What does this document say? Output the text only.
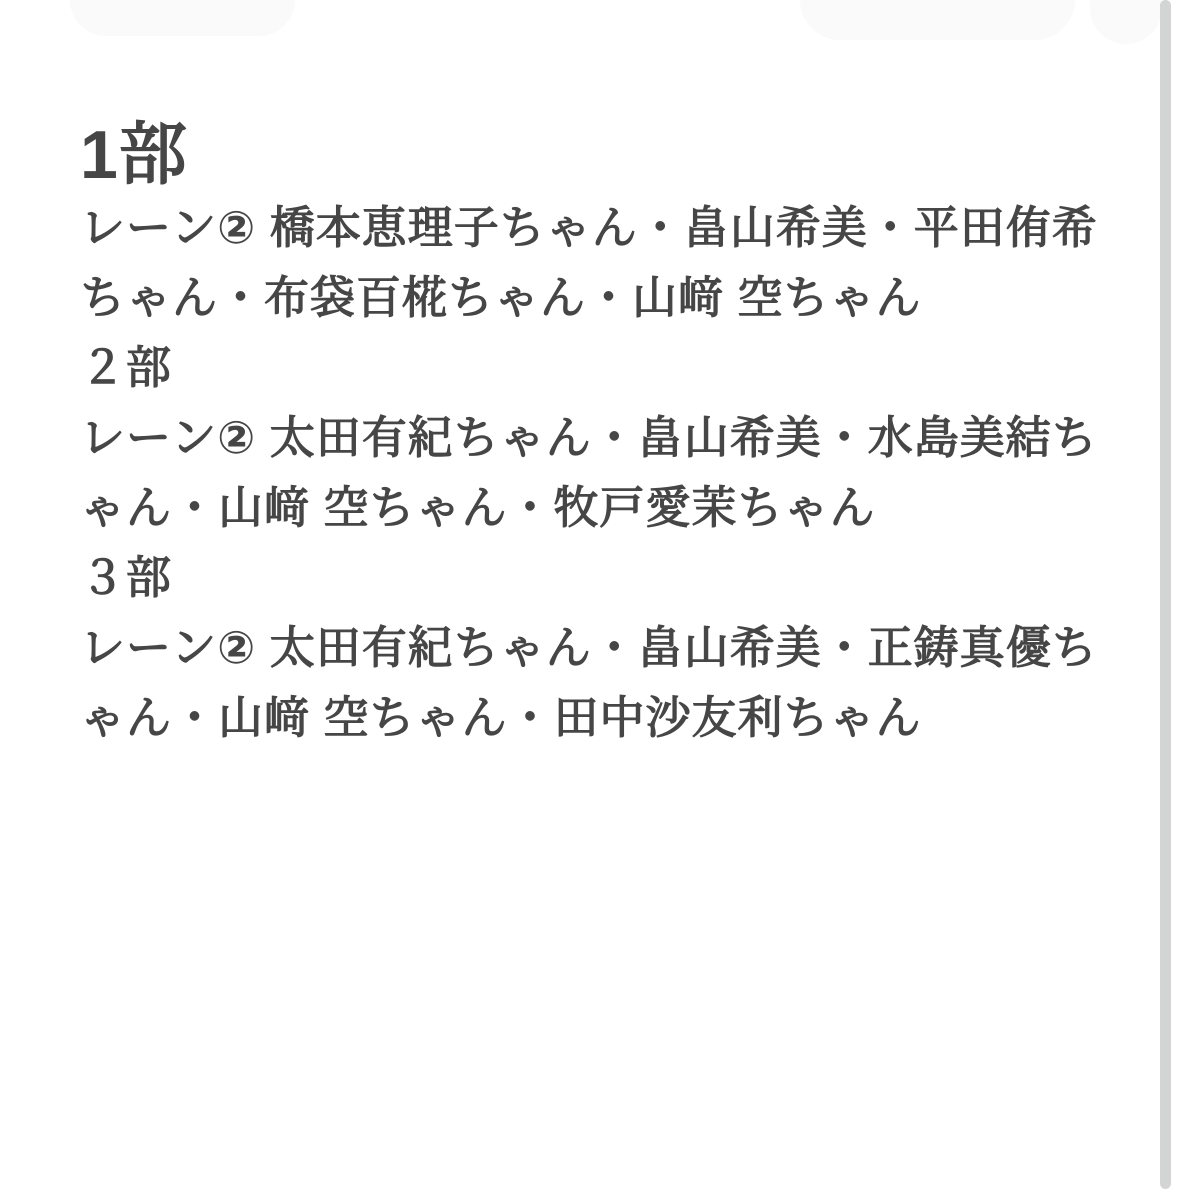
1部

レーン② 橋本恵理子ちゃん・畠山希美・平田侑希ちゃん・布袋百椛ちゃん・山﨑 空ちゃん

２部

レーン② 太田有紀ちゃん・畠山希美・水島美結ちゃん・山﨑 空ちゃん・牧戸愛茉ちゃん

３部

レーン② 太田有紀ちゃん・畠山希美・正鋳真優ちゃん・山﨑 空ちゃん・田中沙友利ちゃん
